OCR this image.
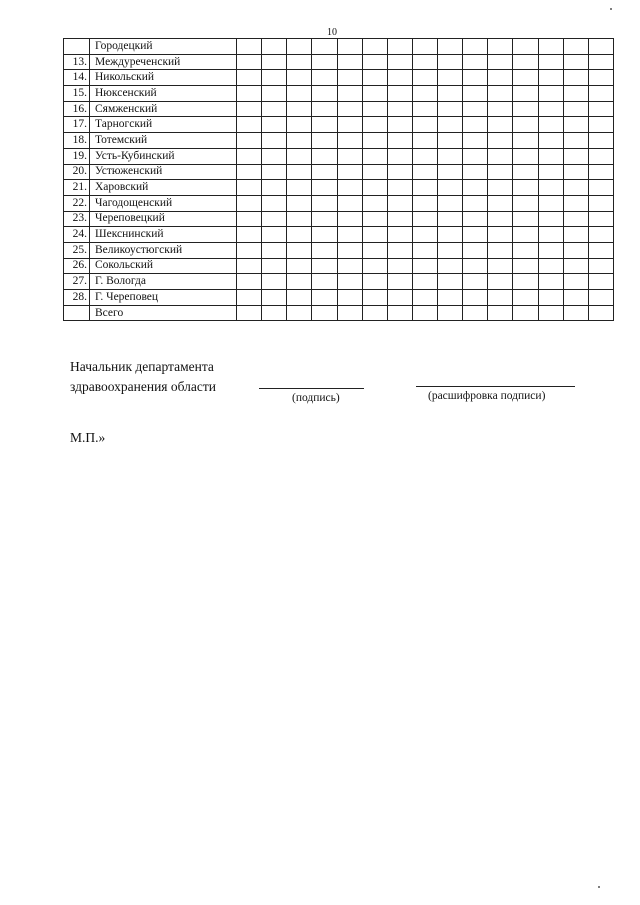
10
	Городецкий															
13.	Междуреченский															
14.	Никольский															
15.	Нюксенский															
16.	Сямженский															
17.	Тарногский															
18.	Тотемский															
19.	Усть-Кубинский															
20.	Устюженский															
21.	Харовский															
22.	Чагодощенский															
23.	Череповецкий															
24.	Шекснинский															
25.	Великоустюгский															
26.	Сокольский															
27.	Г. Вологда															
28.	Г. Череповец															
	Всего															
Начальник департамента
здравоохранения области
(подпись)	(расшифровка подписи)
М.П.»
